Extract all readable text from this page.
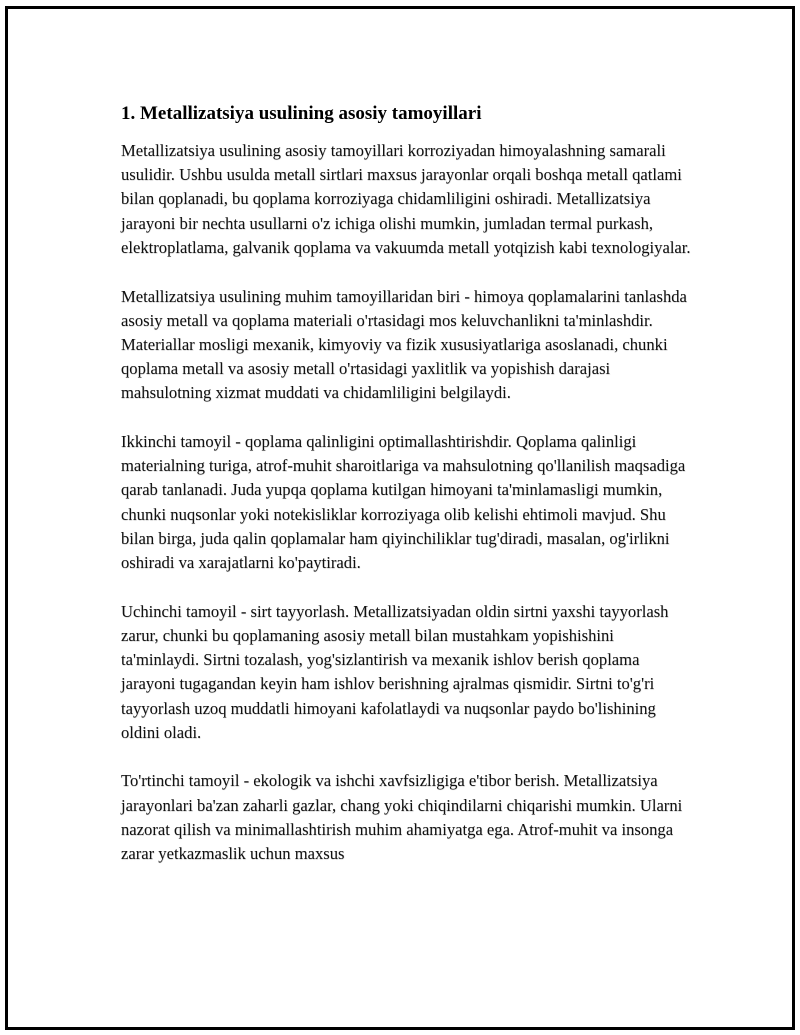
1. Metallizatsiya usulining asosiy tamoyillari

Metallizatsiya usulining asosiy tamoyillari korroziyadan himoyalashning samarali usulidir. Ushbu usulda metall sirtlari maxsus jarayonlar orqali boshqa metall qatlami bilan qoplanadi, bu qoplama korroziyaga chidamliligini oshiradi. Metallizatsiya jarayoni bir nechta usullarni o'z ichiga olishi mumkin, jumladan termal purkash, elektroplatlama, galvanik qoplama va vakuumda metall yotqizish kabi texnologiyalar.

Metallizatsiya usulining muhim tamoyillaridan biri - himoya qoplamalarini tanlashda asosiy metall va qoplama materiali o'rtasidagi mos keluvchanlikni ta'minlashdir. Materiallar mosligi mexanik, kimyoviy va fizik xususiyatlariga asoslanadi, chunki qoplama metall va asosiy metall o'rtasidagi yaxlitlik va yopishish darajasi mahsulotning xizmat muddati va chidamliligini belgilaydi.

Ikkinchi tamoyil - qoplama qalinligini optimallashtirishdir. Qoplama qalinligi materialning turiga, atrof-muhit sharoitlariga va mahsulotning qo'llanilish maqsadiga qarab tanlanadi. Juda yupqa qoplama kutilgan himoyani ta'minlamasligi mumkin, chunki nuqsonlar yoki notekisliklar korroziyaga olib kelishi ehtimoli mavjud. Shu bilan birga, juda qalin qoplamalar ham qiyinchiliklar tug'diradi, masalan, og'irlikni oshiradi va xarajatlarni ko'paytiradi.

Uchinchi tamoyil - sirt tayyorlash. Metallizatsiyadan oldin sirtni yaxshi tayyorlash zarur, chunki bu qoplamaning asosiy metall bilan mustahkam yopishishini ta'minlaydi. Sirtni tozalash, yog'sizlantirish va mexanik ishlov berish qoplama jarayoni tugagandan keyin ham ishlov berishning ajralmas qismidir. Sirtni to'g'ri tayyorlash uzoq muddatli himoyani kafolatlaydi va nuqsonlar paydo bo'lishining oldini oladi.

To'rtinchi tamoyil - ekologik va ishchi xavfsizligiga e'tibor berish. Metallizatsiya jarayonlari ba'zan zaharli gazlar, chang yoki chiqindilarni chiqarishi mumkin. Ularni nazorat qilish va minimallashtirish muhim ahamiyatga ega. Atrof-muhit va insonga zarar yetkazmaslik uchun maxsus
